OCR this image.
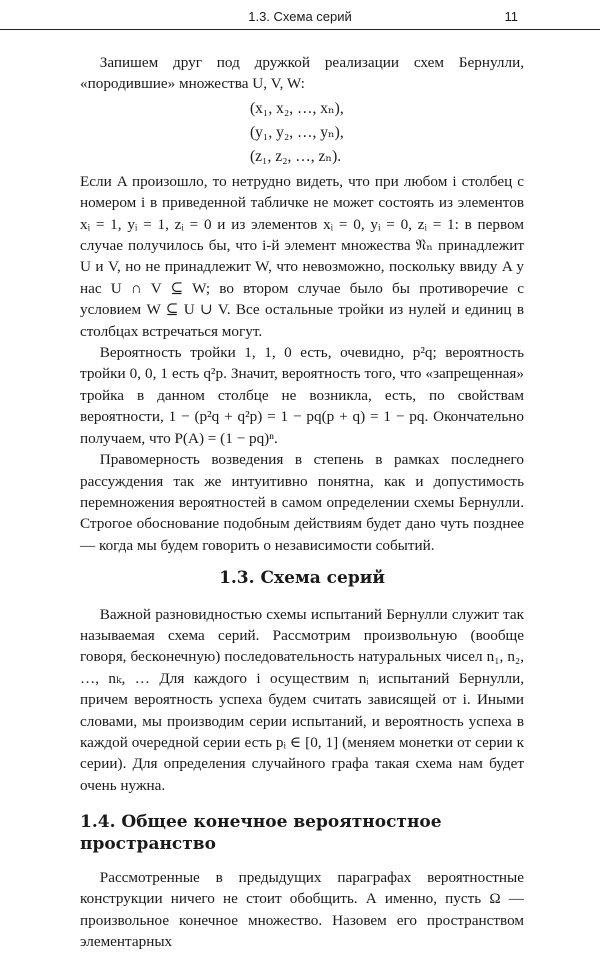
1.3. Схема серий	11

Запишем друг под дружкой реализации схем Бернулли, «породившие» множества U, V, W:

(x₁, x₂, …, xₙ),
(y₁, y₂, …, yₙ),
(z₁, z₂, …, zₙ).

Если A произошло, то нетрудно видеть, что при любом i столбец с номером i в приведенной табличке не может состоять из элементов xᵢ = 1, yᵢ = 1, zᵢ = 0 и из элементов xᵢ = 0, yᵢ = 0, zᵢ = 1: в первом случае получилось бы, что i-й элемент множества 𝔑ₙ принадлежит U и V, но не принадлежит W, что невозможно, поскольку ввиду A у нас U ∩ V ⊆ W; во втором случае было бы противоречие с условием W ⊆ U ∪ V. Все остальные тройки из нулей и единиц в столбцах встречаться могут.

Вероятность тройки 1, 1, 0 есть, очевидно, p²q; вероятность тройки 0, 0, 1 есть q²p. Значит, вероятность того, что «запрещенная» тройка в данном столбце не возникла, есть, по свойствам вероятности, 1 − (p²q + q²p) = 1 − pq(p + q) = 1 − pq. Окончательно получаем, что P(A) = (1 − pq)ⁿ.

Правомерность возведения в степень в рамках последнего рассуждения так же интуитивно понятна, как и допустимость перемножения вероятностей в самом определении схемы Бернулли. Строгое обоснование подобным действиям будет дано чуть позднее — когда мы будем говорить о независимости событий.

1.3. Схема серий

Важной разновидностью схемы испытаний Бернулли служит так называемая схема серий. Рассмотрим произвольную (вообще говоря, бесконечную) последовательность натуральных чисел n₁, n₂, …, nₖ, … Для каждого i осуществим nᵢ испытаний Бернулли, причем вероятность успеха будем считать зависящей от i. Иными словами, мы производим серии испытаний, и вероятность успеха в каждой очередной серии есть pᵢ ∈ [0, 1] (меняем монетки от серии к серии). Для определения случайного графа такая схема нам будет очень нужна.

1.4. Общее конечное вероятностное пространство

Рассмотренные в предыдущих параграфах вероятностные конструкции ничего не стоит обобщить. А именно, пусть Ω — произвольное конечное множество. Назовем его пространством элементарных
